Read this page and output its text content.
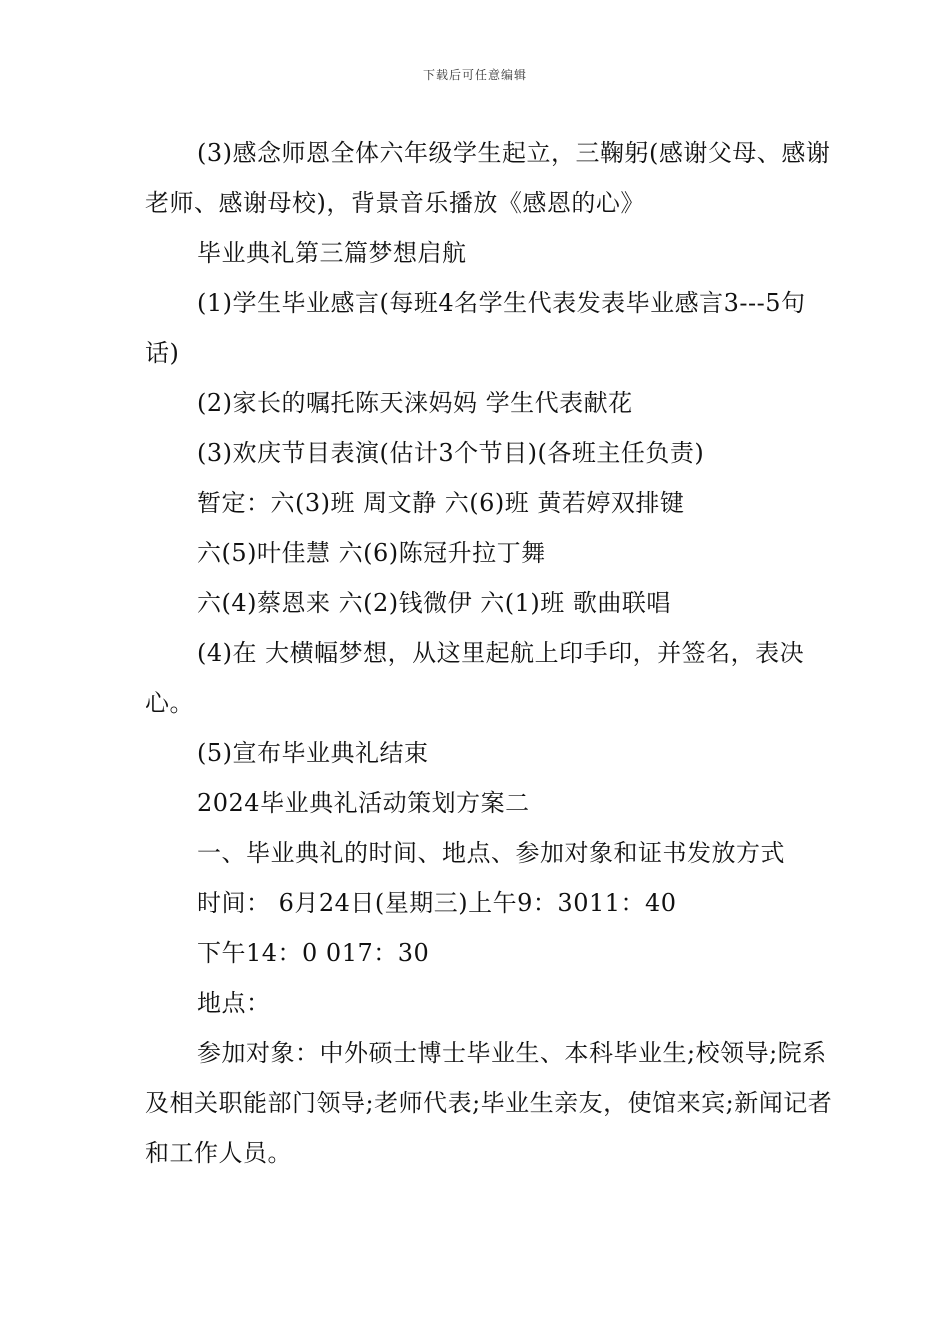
下载后可任意编辑

(3)感念师恩全体六年级学生起立，三鞠躬(感谢父母、感谢老师、感谢母校)，背景音乐播放《感恩的心》

毕业典礼第三篇梦想启航

(1)学生毕业感言(每班4名学生代表发表毕业感言3---5句话)

(2)家长的嘱托陈天涞妈妈 学生代表献花

(3)欢庆节目表演(估计3个节目)(各班主任负责)

暂定：六(3)班 周文静 六(6)班 黄若婷双排键

六(5)叶佳慧 六(6)陈冠升拉丁舞

六(4)蔡恩来 六(2)钱微伊 六(1)班 歌曲联唱

(4)在 大横幅梦想，从这里起航上印手印，并签名，表决心。

(5)宣布毕业典礼结束

2024毕业典礼活动策划方案二

一、毕业典礼的时间、地点、参加对象和证书发放方式

时间： 6月24日(星期三)上午9：3011：40

下午14：0 017：30

地点：

参加对象：中外硕士博士毕业生、本科毕业生;校领导;院系及相关职能部门领导;老师代表;毕业生亲友，使馆来宾;新闻记者和工作人员。
